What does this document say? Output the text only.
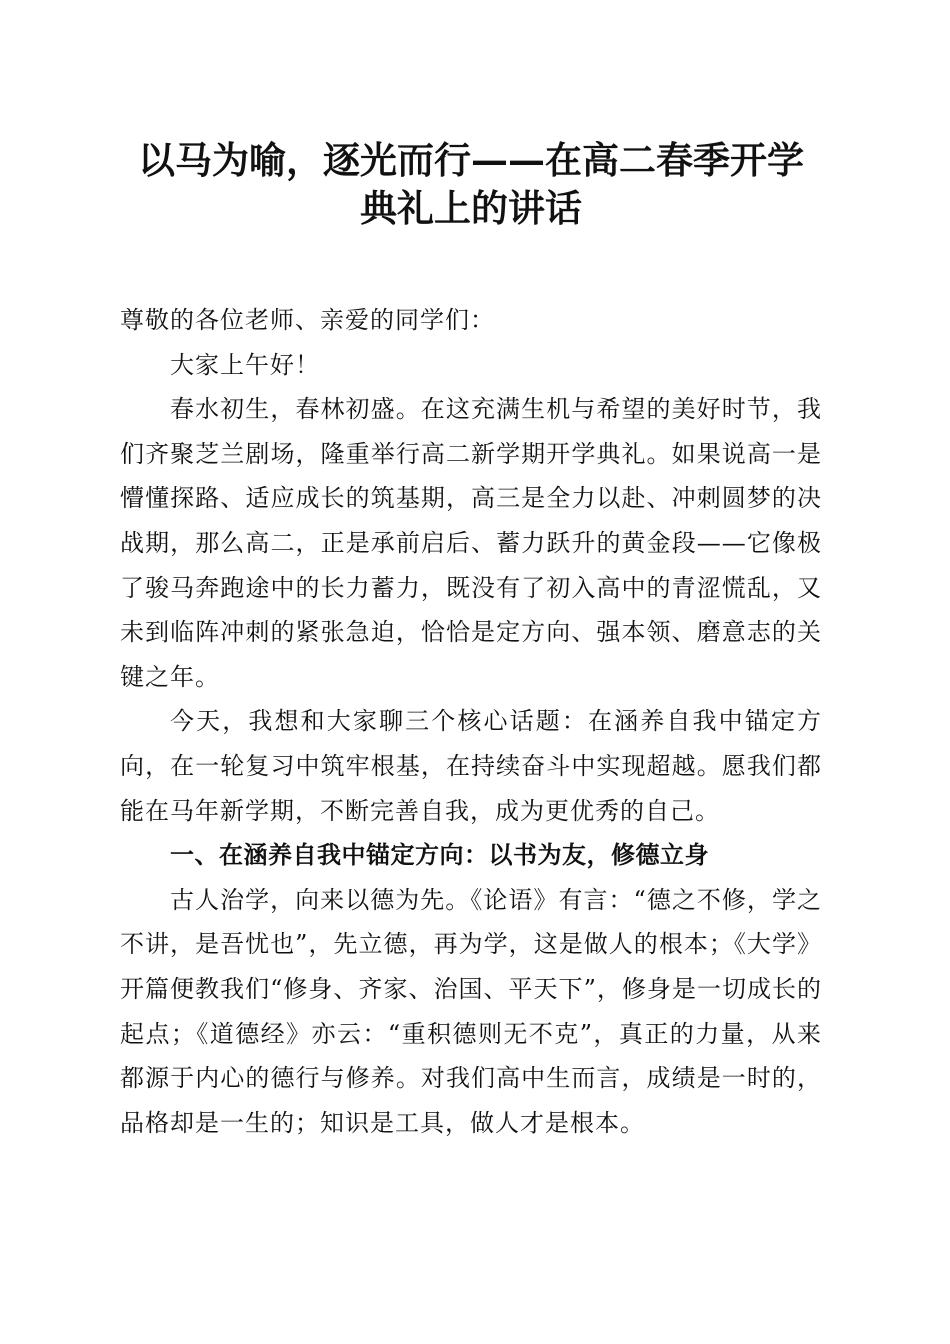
以马为喻，逐光而行——在高二春季开学典礼上的讲话

尊敬的各位老师、亲爱的同学们：

大家上午好！

春水初生，春林初盛。在这充满生机与希望的美好时节，我们齐聚芝兰剧场，隆重举行高二新学期开学典礼。如果说高一是懵懂探路、适应成长的筑基期，高三是全力以赴、冲刺圆梦的决战期，那么高二，正是承前启后、蓄力跃升的黄金段——它像极了骏马奔跑途中的长力蓄力，既没有了初入高中的青涩慌乱，又未到临阵冲刺的紧张急迫，恰恰是定方向、强本领、磨意志的关键之年。

今天，我想和大家聊三个核心话题：在涵养自我中锚定方向，在一轮复习中筑牢根基，在持续奋斗中实现超越。愿我们都能在马年新学期，不断完善自我，成为更优秀的自己。

一、在涵养自我中锚定方向：以书为友，修德立身

古人治学，向来以德为先。《论语》有言：“德之不修，学之不讲，是吾忧也”，先立德，再为学，这是做人的根本；《大学》开篇便教我们“修身、齐家、治国、平天下”，修身是一切成长的起点；《道德经》亦云：“重积德则无不克”，真正的力量，从来都源于内心的德行与修养。对我们高中生而言，成绩是一时的，品格却是一生的；知识是工具，做人才是根本。
